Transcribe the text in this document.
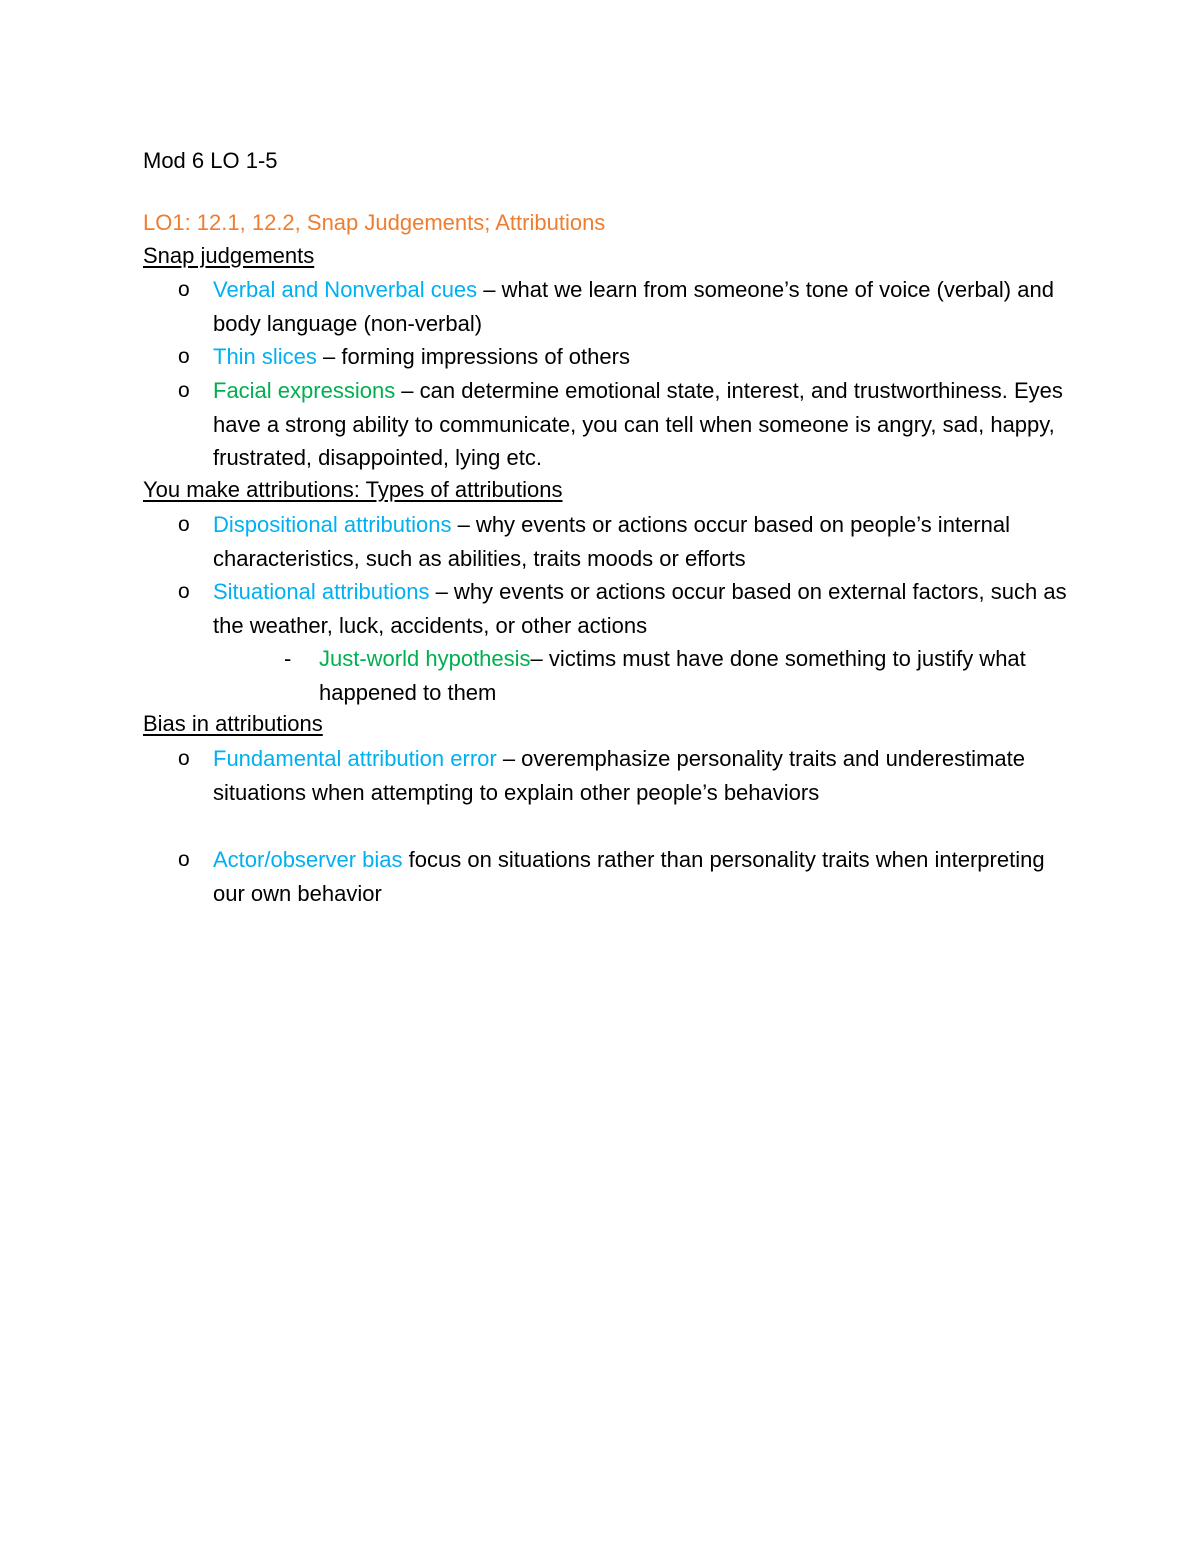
Mod 6 LO 1-5
LO1: 12.1, 12.2, Snap Judgements; Attributions
Snap judgements
o	Verbal and Nonverbal cues – what we learn from someone’s tone of voice (verbal) and body language (non-verbal)
o	Thin slices – forming impressions of others
o	Facial expressions – can determine emotional state, interest, and trustworthiness. Eyes have a strong ability to communicate, you can tell when someone is angry, sad, happy, frustrated, disappointed, lying etc.
You make attributions: Types of attributions
o	Dispositional attributions – why events or actions occur based on people’s internal characteristics, such as abilities, traits moods or efforts
o	Situational attributions – why events or actions occur based on external factors, such as the weather, luck, accidents, or other actions
- Just-world hypothesis– victims must have done something to justify what happened to them
Bias in attributions
o	Fundamental attribution error – overemphasize personality traits and underestimate situations when attempting to explain other people’s behaviors
o	Actor/observer bias focus on situations rather than personality traits when interpreting our own behavior
